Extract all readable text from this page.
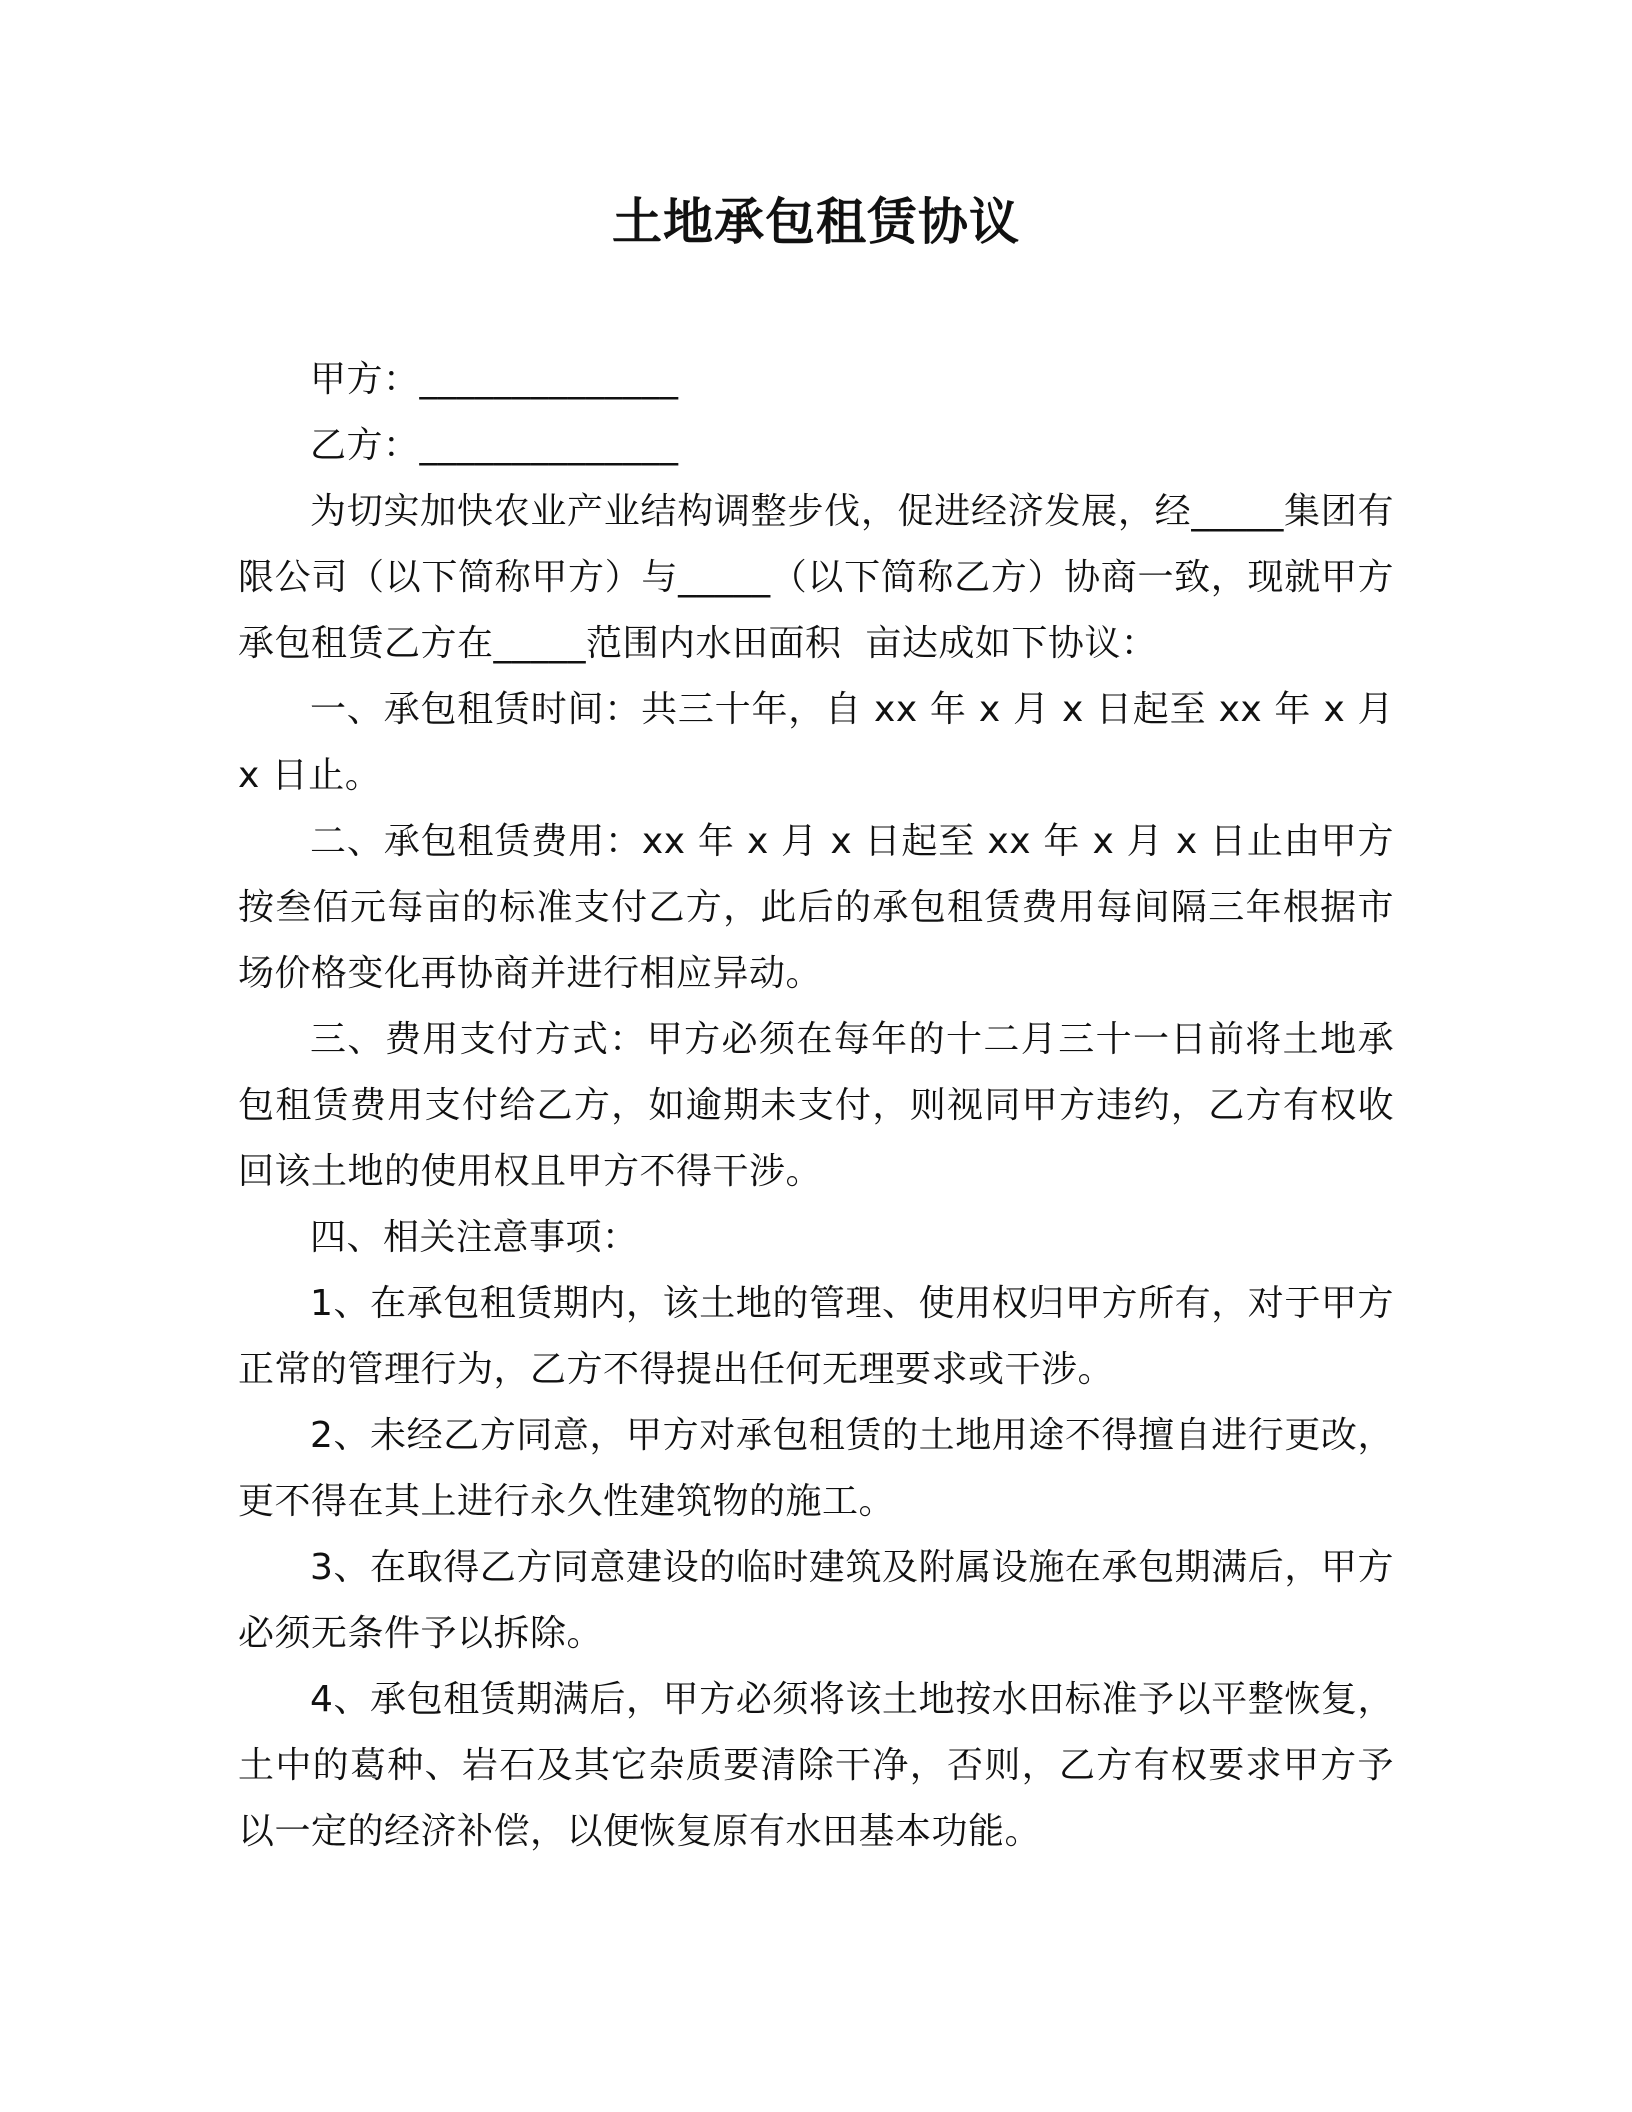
土地承包租赁协议

甲方：______________

乙方：______________

为切实加快农业产业结构调整步伐，促进经济发展，经_____集团有限公司（以下简称甲方）与_____（以下简称乙方）协商一致，现就甲方承包租赁乙方在_____范围内水田面积  亩达成如下协议：

一、承包租赁时间：共三十年，自 xx 年 x 月 x 日起至 xx 年 x 月 x 日止。

二、承包租赁费用：xx 年 x 月 x 日起至 xx 年 x 月 x 日止由甲方按叁佰元每亩的标准支付乙方，此后的承包租赁费用每间隔三年根据市场价格变化再协商并进行相应异动。

三、费用支付方式：甲方必须在每年的十二月三十一日前将土地承包租赁费用支付给乙方，如逾期未支付，则视同甲方违约，乙方有权收回该土地的使用权且甲方不得干涉。

四、相关注意事项：

1、在承包租赁期内，该土地的管理、使用权归甲方所有，对于甲方正常的管理行为，乙方不得提出任何无理要求或干涉。

2、未经乙方同意，甲方对承包租赁的土地用途不得擅自进行更改，更不得在其上进行永久性建筑物的施工。

3、在取得乙方同意建设的临时建筑及附属设施在承包期满后，甲方必须无条件予以拆除。

4、承包租赁期满后，甲方必须将该土地按水田标准予以平整恢复，土中的葛种、岩石及其它杂质要清除干净，否则，乙方有权要求甲方予以一定的经济补偿，以便恢复原有水田基本功能。
